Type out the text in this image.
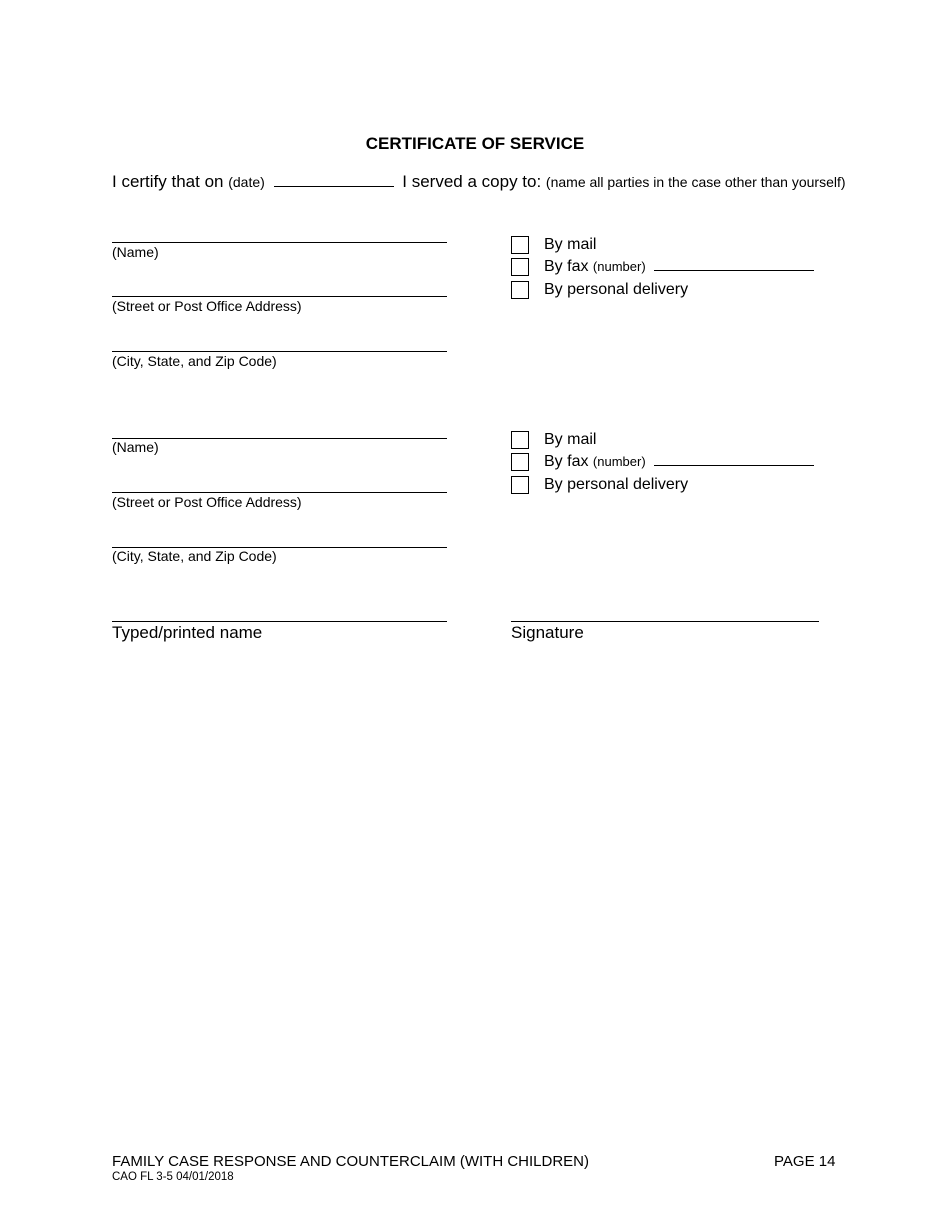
CERTIFICATE OF SERVICE
I certify that on (date)	I served a copy to: (name all parties in the case other than yourself)
(Name)
(Street or Post Office Address)
(City, State, and Zip Code)
By mail
By fax (number)
By personal delivery
(Name)
(Street or Post Office Address)
(City, State, and Zip Code)
By mail
By fax (number)
By personal delivery
Typed/printed name	Signature
FAMILY CASE RESPONSE AND COUNTERCLAIM (WITH CHILDREN)
CAO FL 3-5 04/01/2018
PAGE 14
